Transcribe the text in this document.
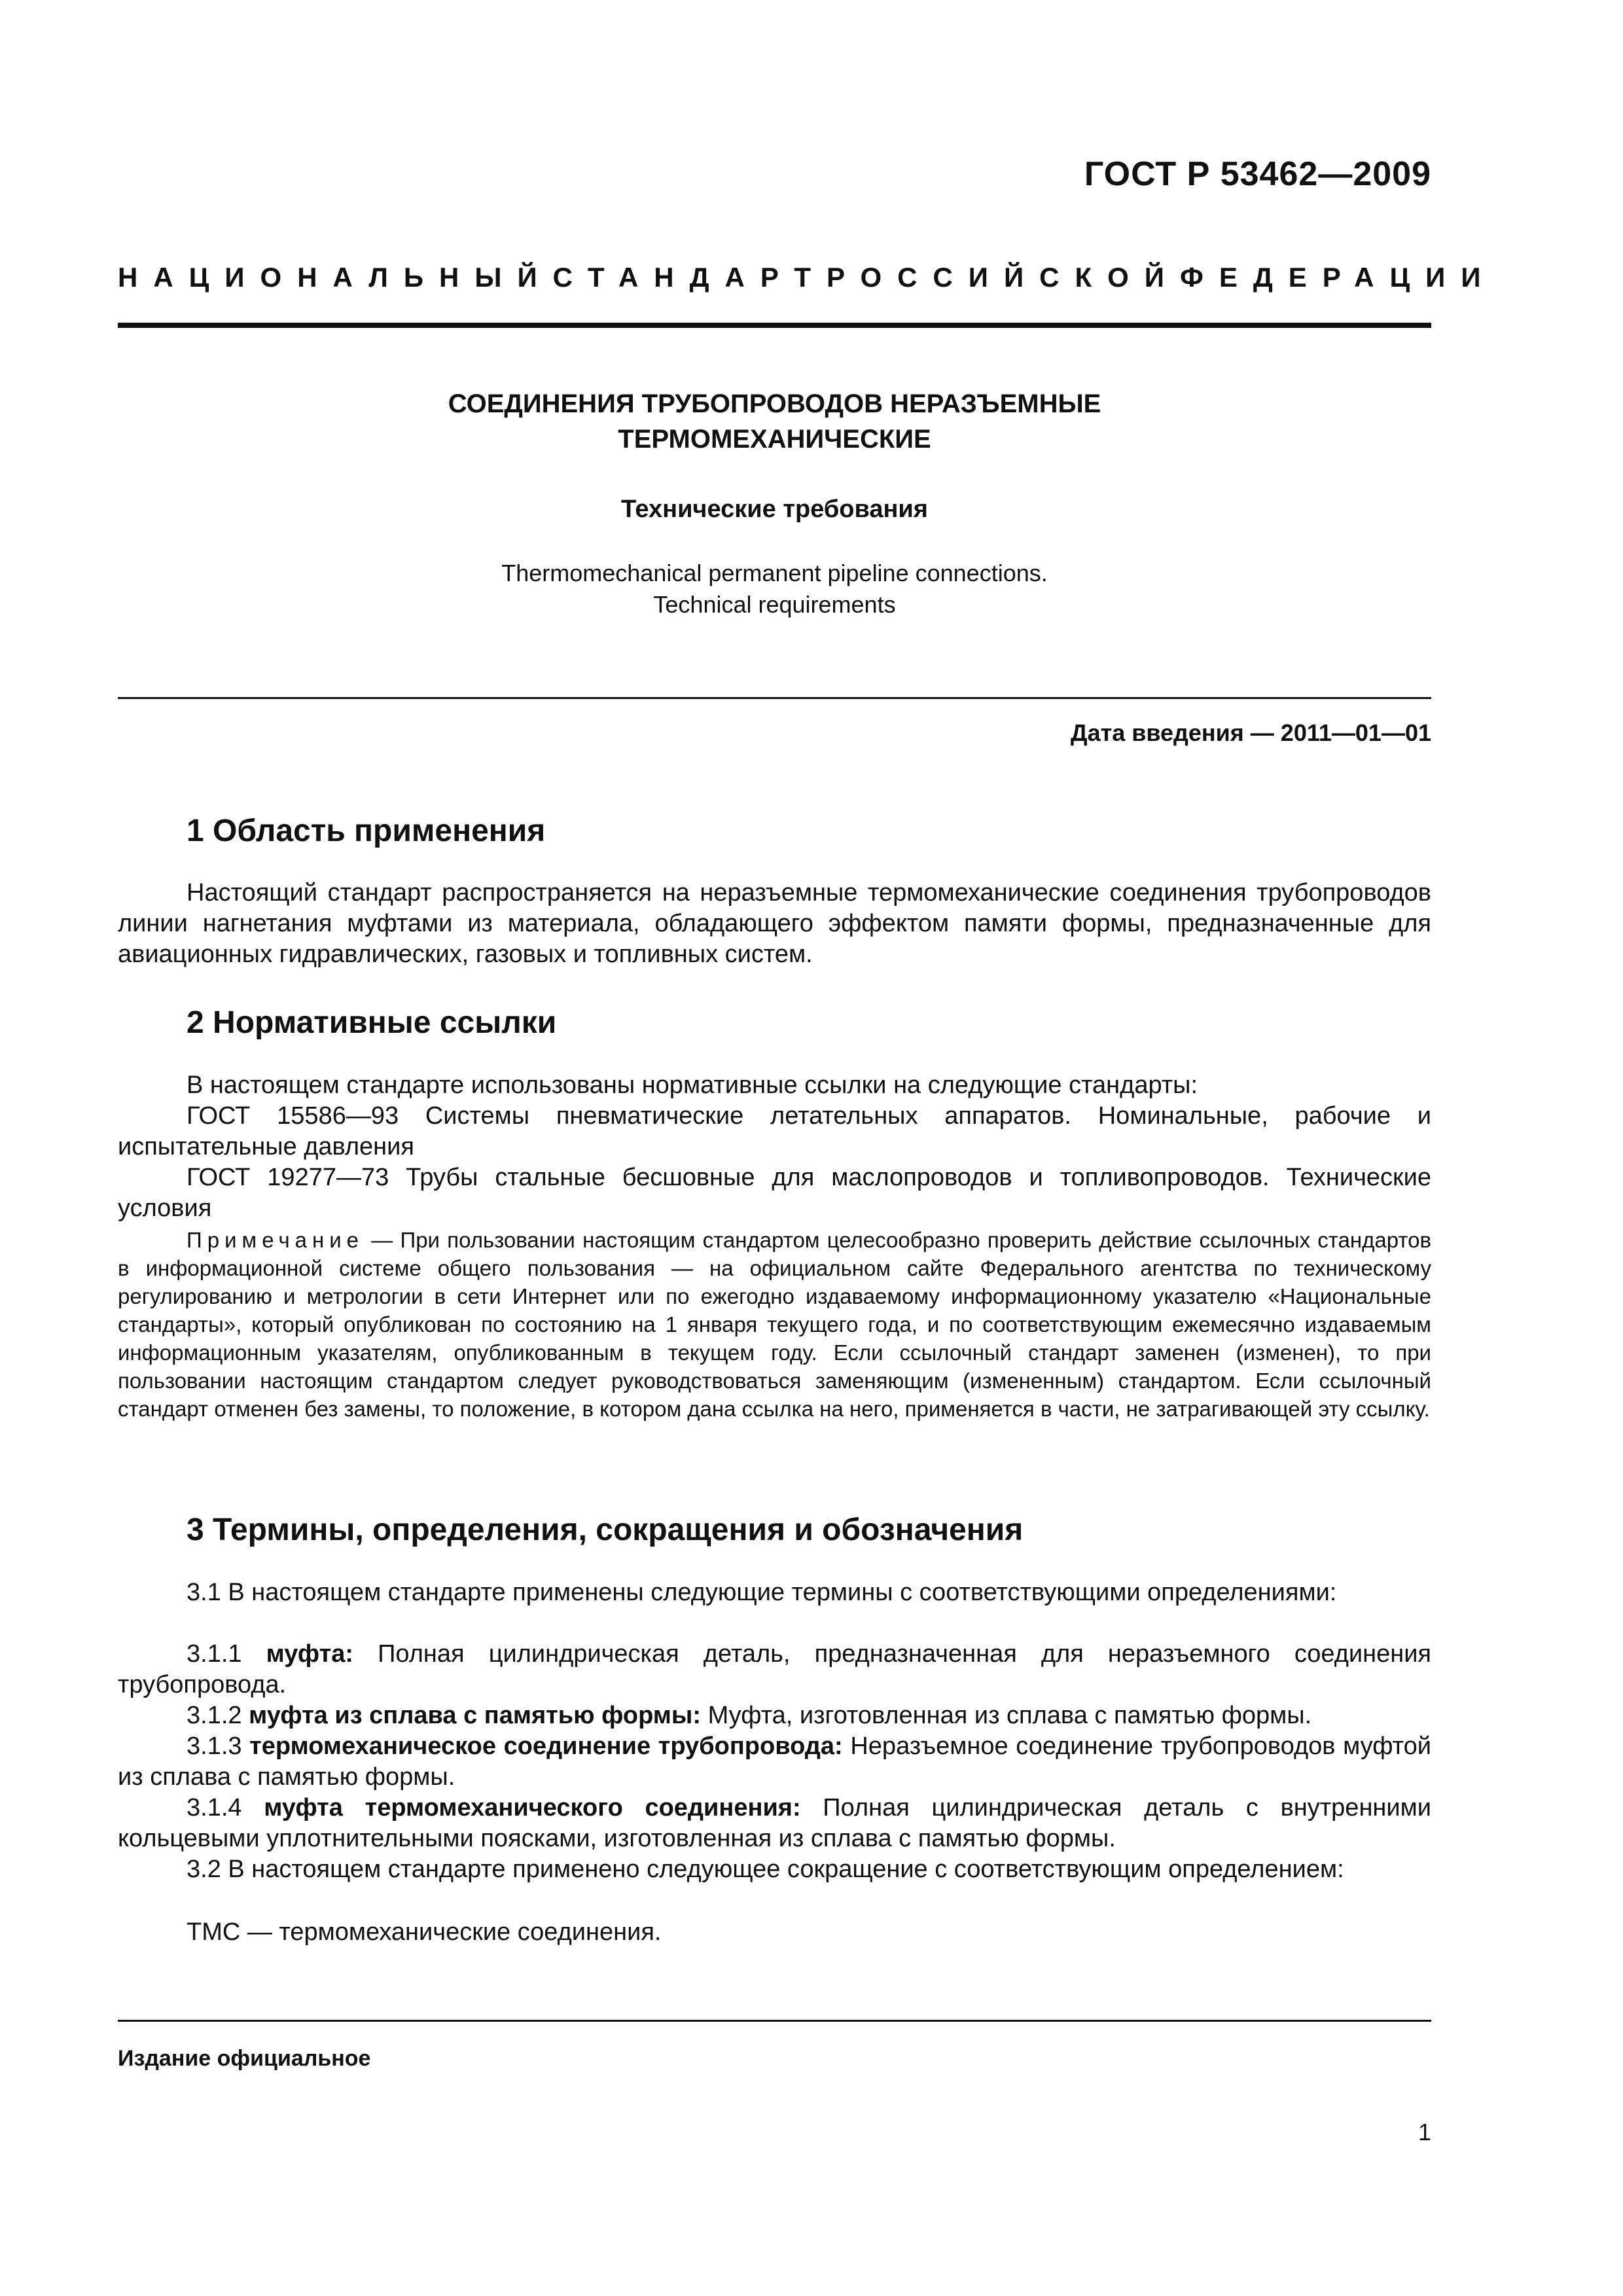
ГОСТ Р 53462—2009
НАЦИОНАЛЬНЫЙ СТАНДАРТ РОССИЙСКОЙ ФЕДЕРАЦИИ
СОЕДИНЕНИЯ ТРУБОПРОВОДОВ НЕРАЗЪЕМНЫЕ
ТЕРМОМЕХАНИЧЕСКИЕ
Технические требования
Thermomechanical permanent pipeline connections.
Technical requirements
Дата введения — 2011—01—01
1 Область применения

Настоящий стандарт распространяется на неразъемные термомеханические соединения трубопроводов линии нагнетания муфтами из материала, обладающего эффектом памяти формы, предназначенные для авиационных гидравлических, газовых и топливных систем.

2 Нормативные ссылки

В настоящем стандарте использованы нормативные ссылки на следующие стандарты:

ГОСТ 15586—93 Системы пневматические летательных аппаратов. Номинальные, рабочие и испытательные давления

ГОСТ 19277—73 Трубы стальные бесшовные для маслопроводов и топливопроводов. Технические условия

Примечание — При пользовании настоящим стандартом целесообразно проверить действие ссылочных стандартов в информационной системе общего пользования — на официальном сайте Федерального агентства по техническому регулированию и метрологии в сети Интернет или по ежегодно издаваемому информационному указателю «Национальные стандарты», который опубликован по состоянию на 1 января текущего года, и по соответствующим ежемесячно издаваемым информационным указателям, опубликованным в текущем году. Если ссылочный стандарт заменен (изменен), то при пользовании настоящим стандартом следует руководствоваться заменяющим (измененным) стандартом. Если ссылочный стандарт отменен без замены, то положение, в котором дана ссылка на него, применяется в части, не затрагивающей эту ссылку.

3 Термины, определения, сокращения и обозначения

3.1 В настоящем стандарте применены следующие термины с соответствующими определениями:

3.1.1 муфта: Полная цилиндрическая деталь, предназначенная для неразъемного соединения трубопровода.

3.1.2 муфта из сплава с памятью формы: Муфта, изготовленная из сплава с памятью формы.

3.1.3 термомеханическое соединение трубопровода: Неразъемное соединение трубопроводов муфтой из сплава с памятью формы.

3.1.4 муфта термомеханического соединения: Полная цилиндрическая деталь с внутренними кольцевыми уплотнительными поясками, изготовленная из сплава с памятью формы.

3.2 В настоящем стандарте применено следующее сокращение с соответствующим определением:

ТМС — термомеханические соединения.

Издание официальное
1
